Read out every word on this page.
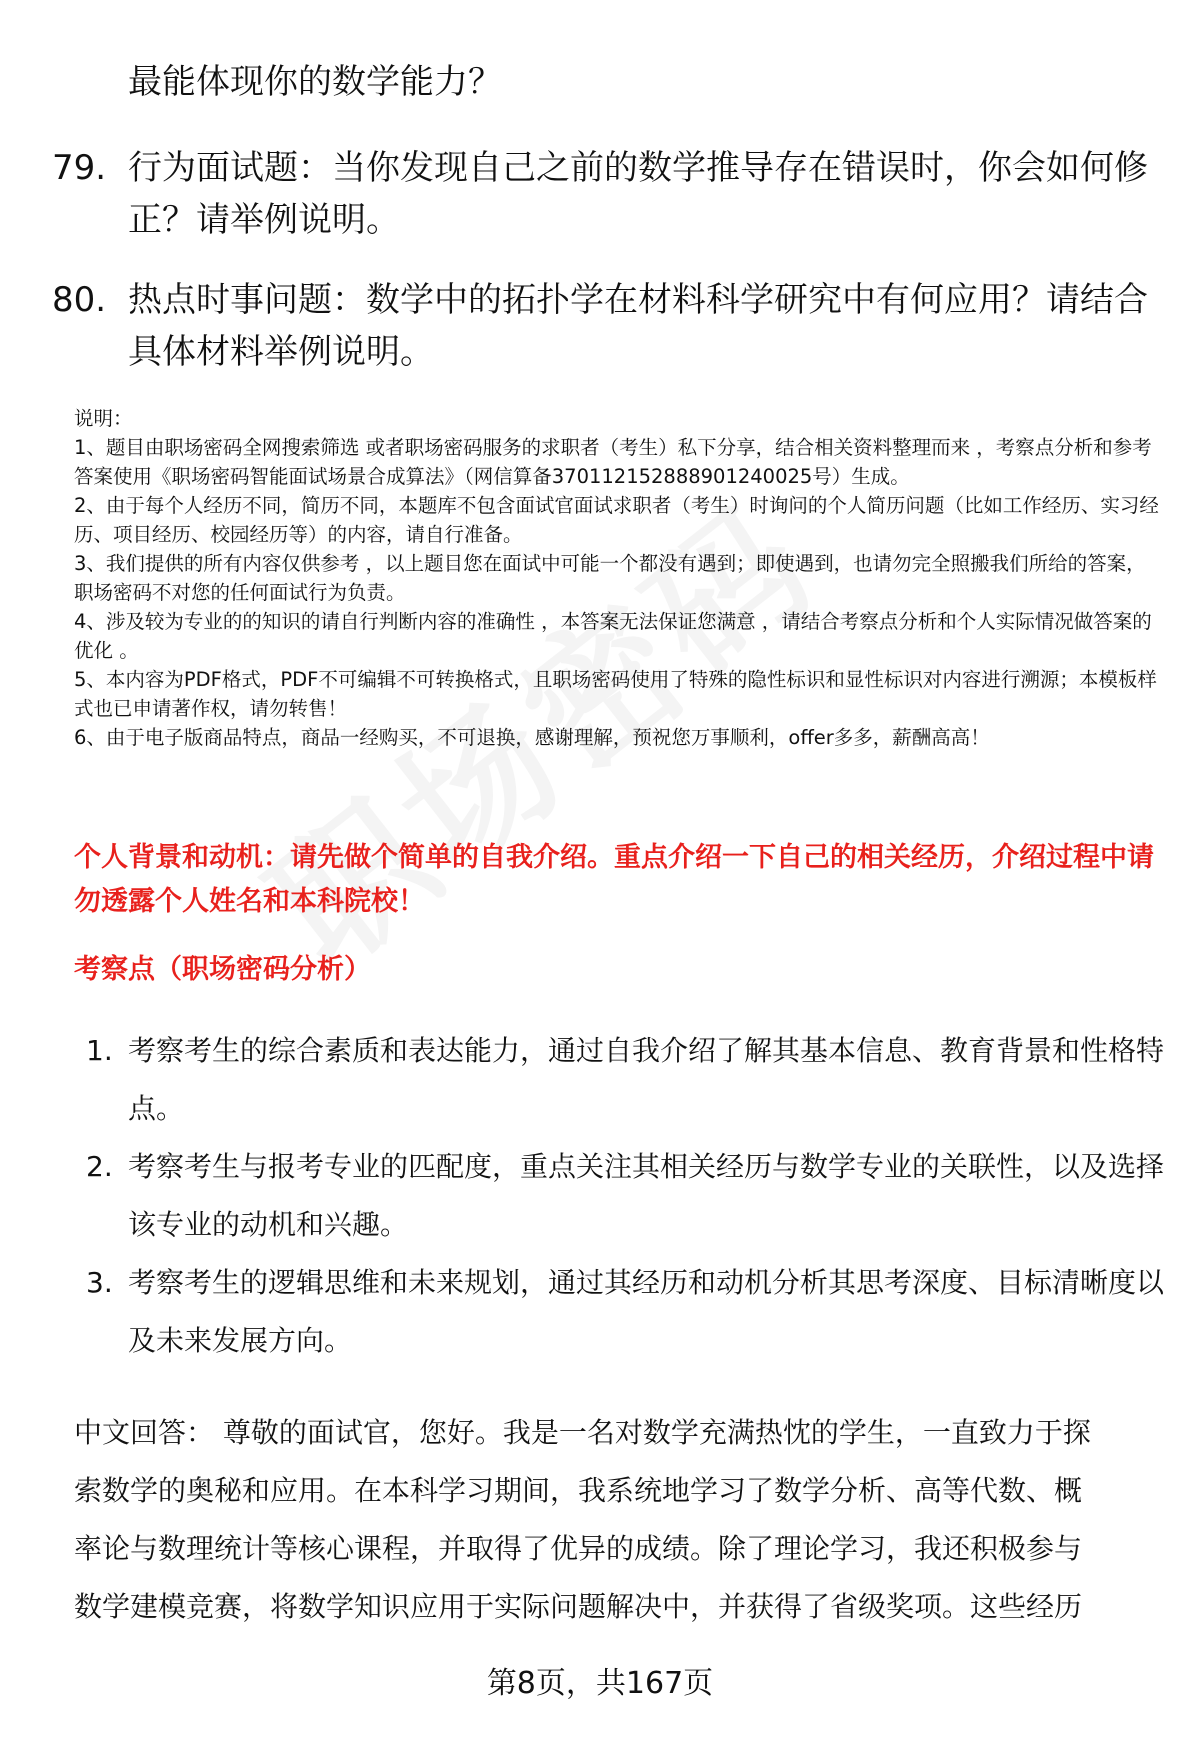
最能体现你的数学能力？
79. 行为面试题：当你发现自己之前的数学推导存在错误时，你会如何修正？请举例说明。
80. 热点时事问题：数学中的拓扑学在材料科学研究中有何应用？请结合具体材料举例说明。

说明：

1、题目由职场密码全网搜索筛选 或者职场密码服务的求职者（考生）私下分享，结合相关资料整理而来 ，考察点分析和参考答案使用《职场密码智能面试场景合成算法》（网信算备370112152888901240025号）生成。

2、由于每个人经历不同，简历不同，本题库不包含面试官面试求职者（考生）时询问的个人简历问题（比如工作经历、实习经历、项目经历、校园经历等）的内容，请自行准备。

3、我们提供的所有内容仅供参考 ，以上题目您在面试中可能一个都没有遇到；即使遇到，也请勿完全照搬我们所给的答案，职场密码不对您的任何面试行为负责。

4、涉及较为专业的的知识的请自行判断内容的准确性 ，本答案无法保证您满意 ，请结合考察点分析和个人实际情况做答案的优化 。

5、本内容为PDF格式，PDF不可编辑不可转换格式，且职场密码使用了特殊的隐性标识和显性标识对内容进行溯源；本模板样式也已申请著作权，请勿转售！

6、由于电子版商品特点，商品一经购买，不可退换，感谢理解，预祝您万事顺利，offer多多，薪酬高高！

个人背景和动机：请先做个简单的自我介绍。重点介绍一下自己的相关经历，介绍过程中请勿透露个人姓名和本科院校！
考察点（职场密码分析）
1. 考察考生的综合素质和表达能力，通过自我介绍了解其基本信息、教育背景和性格特点。
2. 考察考生与报考专业的匹配度，重点关注其相关经历与数学专业的关联性，以及选择该专业的动机和兴趣。
3. 考察考生的逻辑思维和未来规划，通过其经历和动机分析其思考深度、目标清晰度以及未来发展方向。
中文回答： 尊敬的面试官，您好。我是一名对数学充满热忱的学生，一直致力于探
索数学的奥秘和应用。在本科学习期间，我系统地学习了数学分析、高等代数、概
率论与数理统计等核心课程，并取得了优异的成绩。除了理论学习，我还积极参与
数学建模竞赛，将数学知识应用于实际问题解决中，并获得了省级奖项。这些经历
第8页，共167页
